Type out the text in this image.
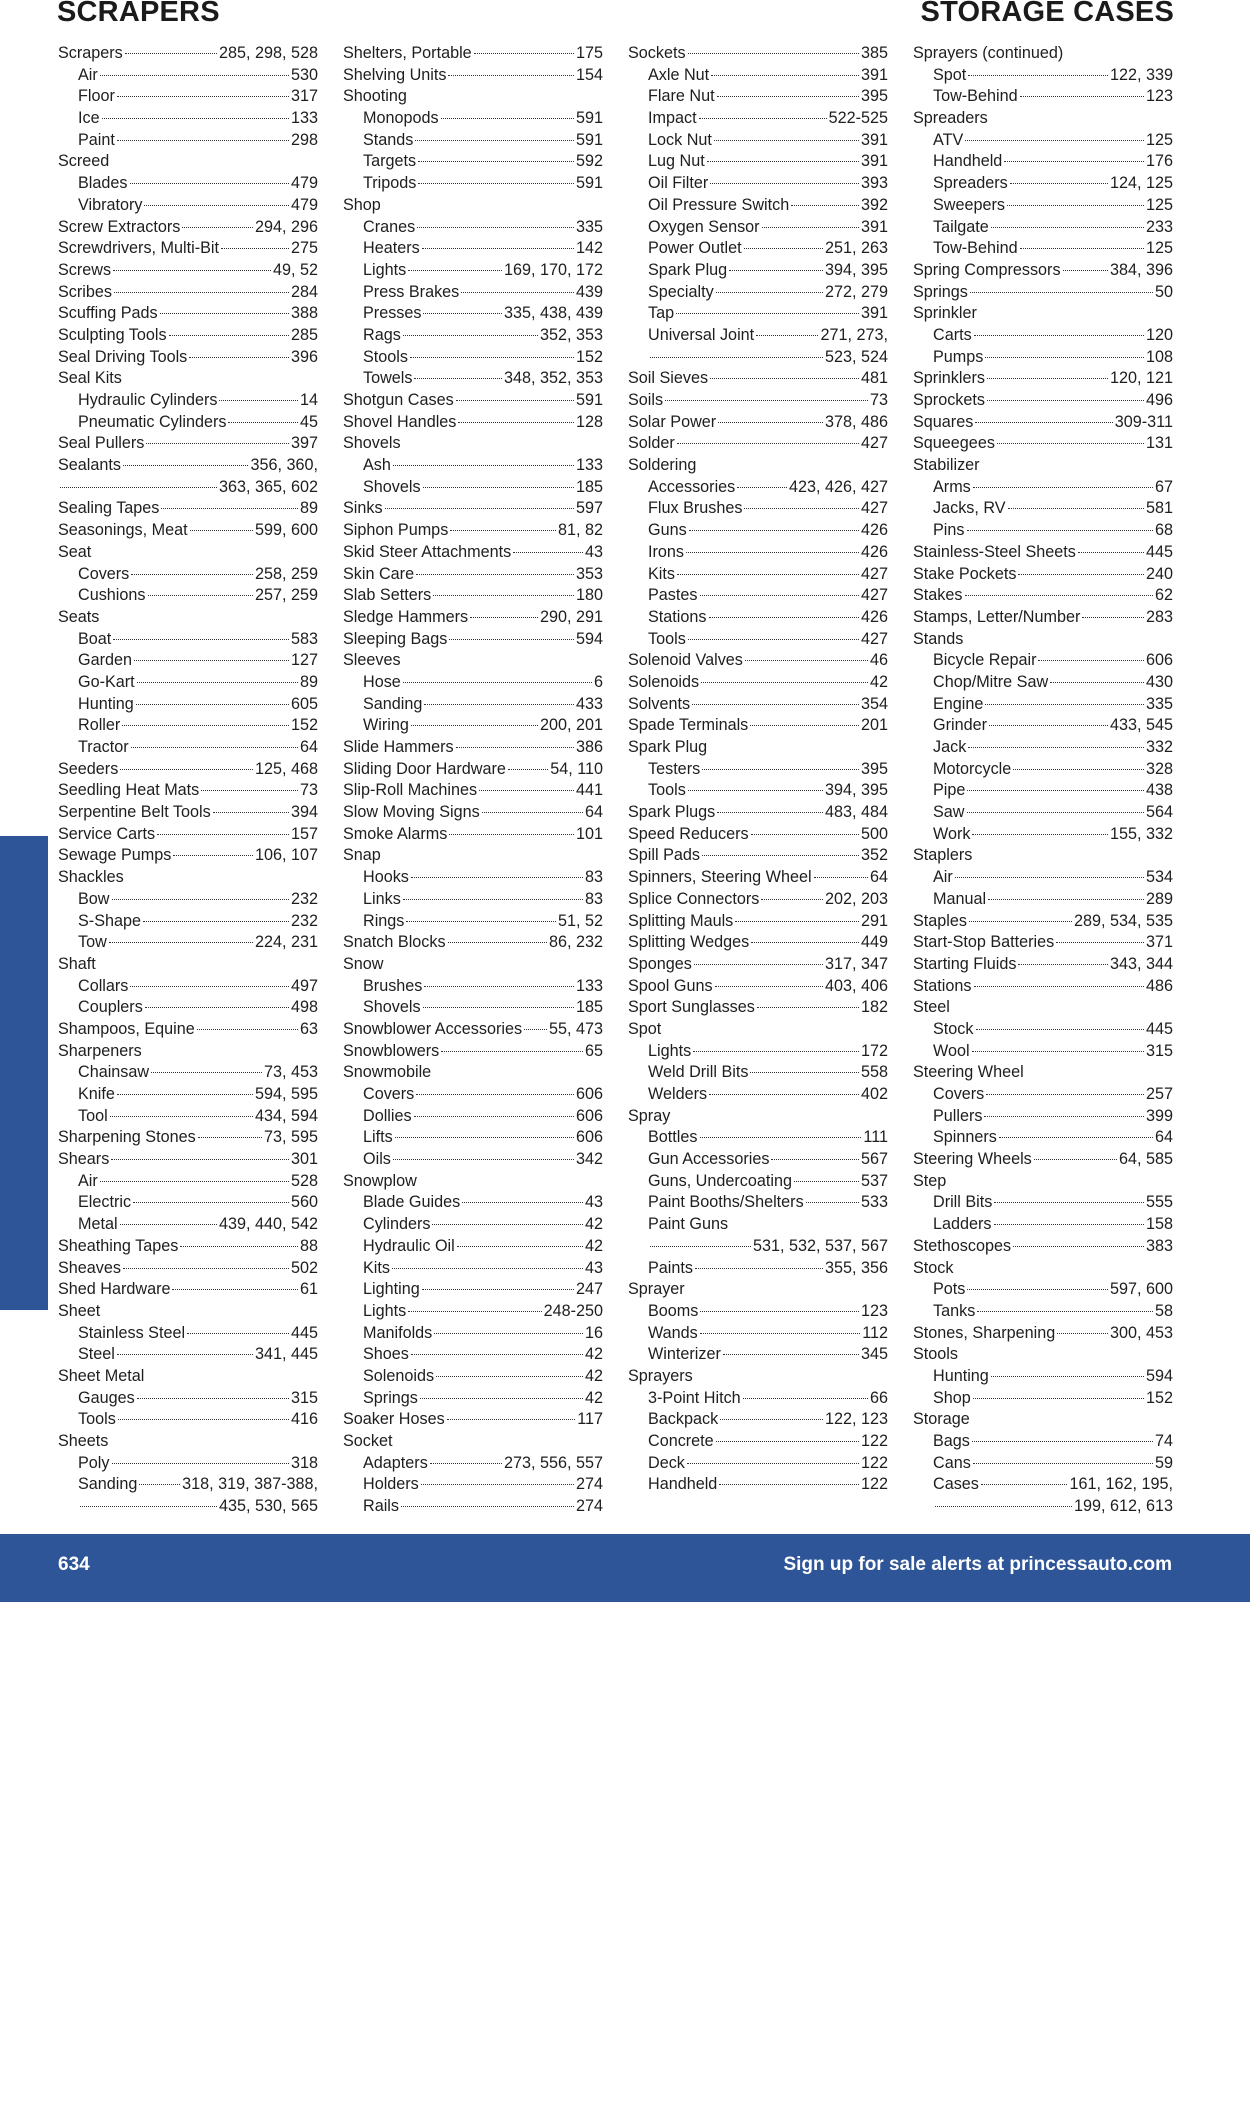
SCRAPERS	STORAGE CASES
Scrapers	285, 298, 528
Air	530
Floor	317
Ice	133
Paint	298
Screed
Blades	479
Vibratory	479
Screw Extractors	294, 296
Screwdrivers, Multi-Bit	275
Screws	49, 52
Scribes	284
Scuffing Pads	388
Sculpting Tools	285
Seal Driving Tools	396
Seal Kits
Hydraulic Cylinders	14
Pneumatic Cylinders	45
Seal Pullers	397
Sealants	356, 360,
363, 365, 602
Sealing Tapes	89
Seasonings, Meat	599, 600
Seat
Covers	258, 259
Cushions	257, 259
Seats
Boat	583
Garden	127
Go-Kart	89
Hunting	605
Roller	152
Tractor	64
Seeders	125, 468
Seedling Heat Mats	73
Serpentine Belt Tools	394
Service Carts	157
Sewage Pumps	106, 107
Shackles
Bow	232
S-Shape	232
Tow	224, 231
Shaft
Collars	497
Couplers	498
Shampoos, Equine	63
Sharpeners
Chainsaw	73, 453
Knife	594, 595
Tool	434, 594
Sharpening Stones	73, 595
Shears	301
Air	528
Electric	560
Metal	439, 440, 542
Sheathing Tapes	88
Sheaves	502
Shed Hardware	61
Sheet
Stainless Steel	445
Steel	341, 445
Sheet Metal
Gauges	315
Tools	416
Sheets
Poly	318
Sanding	318, 319, 387-388,
435, 530, 565
Shelters, Portable	175
Shelving Units	154
Shooting
Monopods	591
Stands	591
Targets	592
Tripods	591
Shop
Cranes	335
Heaters	142
Lights	169, 170, 172
Press Brakes	439
Presses	335, 438, 439
Rags	352, 353
Stools	152
Towels	348, 352, 353
Shotgun Cases	591
Shovel Handles	128
Shovels
Ash	133
Shovels	185
Sinks	597
Siphon Pumps	81, 82
Skid Steer Attachments	43
Skin Care	353
Slab Setters	180
Sledge Hammers	290, 291
Sleeping Bags	594
Sleeves
Hose	6
Sanding	433
Wiring	200, 201
Slide Hammers	386
Sliding Door Hardware	54, 110
Slip-Roll Machines	441
Slow Moving Signs	64
Smoke Alarms	101
Snap
Hooks	83
Links	83
Rings	51, 52
Snatch Blocks	86, 232
Snow
Brushes	133
Shovels	185
Snowblower Accessories 55, 473
Snowblowers	65
Snowmobile
Covers	606
Dollies	606
Lifts	606
Oils	342
Snowplow
Blade Guides	43
Cylinders	42
Hydraulic Oil	42
Kits	43
Lighting	247
Lights	248-250
Manifolds	16
Shoes	42
Solenoids	42
Springs	42
Soaker Hoses	117
Socket
Adapters	273, 556, 557
Holders	274
Rails	274
Sockets	385
Axle Nut	391
Flare Nut	395
Impact	522-525
Lock Nut	391
Lug Nut	391
Oil Filter	393
Oil Pressure Switch	392
Oxygen Sensor	391
Power Outlet	251, 263
Spark Plug	394, 395
Specialty	272, 279
Tap	391
Universal Joint	271, 273,
523, 524
Soil Sieves	481
Soils	73
Solar Power	378, 486
Solder	427
Soldering
Accessories	423, 426, 427
Flux Brushes	427
Guns	426
Irons	426
Kits	427
Pastes	427
Stations	426
Tools	427
Solenoid Valves	46
Solenoids	42
Solvents	354
Spade Terminals	201
Spark Plug
Testers	395
Tools	394, 395
Spark Plugs	483, 484
Speed Reducers	500
Spill Pads	352
Spinners, Steering Wheel	64
Splice Connectors	202, 203
Splitting Mauls	291
Splitting Wedges	449
Sponges	317, 347
Spool Guns	403, 406
Sport Sunglasses	182
Spot
Lights	172
Weld Drill Bits	558
Welders	402
Spray
Bottles	111
Gun Accessories	567
Guns, Undercoating	537
Paint Booths/Shelters	533
Paint Guns
531, 532, 537, 567
Paints	355, 356
Sprayer
Booms	123
Wands	112
Winterizer	345
Sprayers
3-Point Hitch	66
Backpack	122, 123
Concrete	122
Deck	122
Handheld	122
Sprayers (continued)
Spot	122, 339
Tow-Behind	123
Spreaders
ATV	125
Handheld	176
Spreaders	124, 125
Sweepers	125
Tailgate	233
Tow-Behind	125
Spring Compressors	384, 396
Springs	50
Sprinkler
Carts	120
Pumps	108
Sprinklers	120, 121
Sprockets	496
Squares	309-311
Squeegees	131
Stabilizer
Arms	67
Jacks, RV	581
Pins	68
Stainless-Steel Sheets	445
Stake Pockets	240
Stakes	62
Stamps, Letter/Number	283
Stands
Bicycle Repair	606
Chop/Mitre Saw	430
Engine	335
Grinder	433, 545
Jack	332
Motorcycle	328
Pipe	438
Saw	564
Work	155, 332
Staplers
Air	534
Manual	289
Staples	289, 534, 535
Start-Stop Batteries	371
Starting Fluids	343, 344
Stations	486
Steel
Stock	445
Wool	315
Steering Wheel
Covers	257
Pullers	399
Spinners	64
Steering Wheels	64, 585
Step
Drill Bits	555
Ladders	158
Stethoscopes	383
Stock
Pots	597, 600
Tanks	58
Stones, Sharpening	300, 453
Stools
Hunting	594
Shop	152
Storage
Bags	74
Cans	59
Cases	161, 162, 195,
199, 612, 613
INDEX & STORE LOCATIONS
634	Sign up for sale alerts at princessauto.com
